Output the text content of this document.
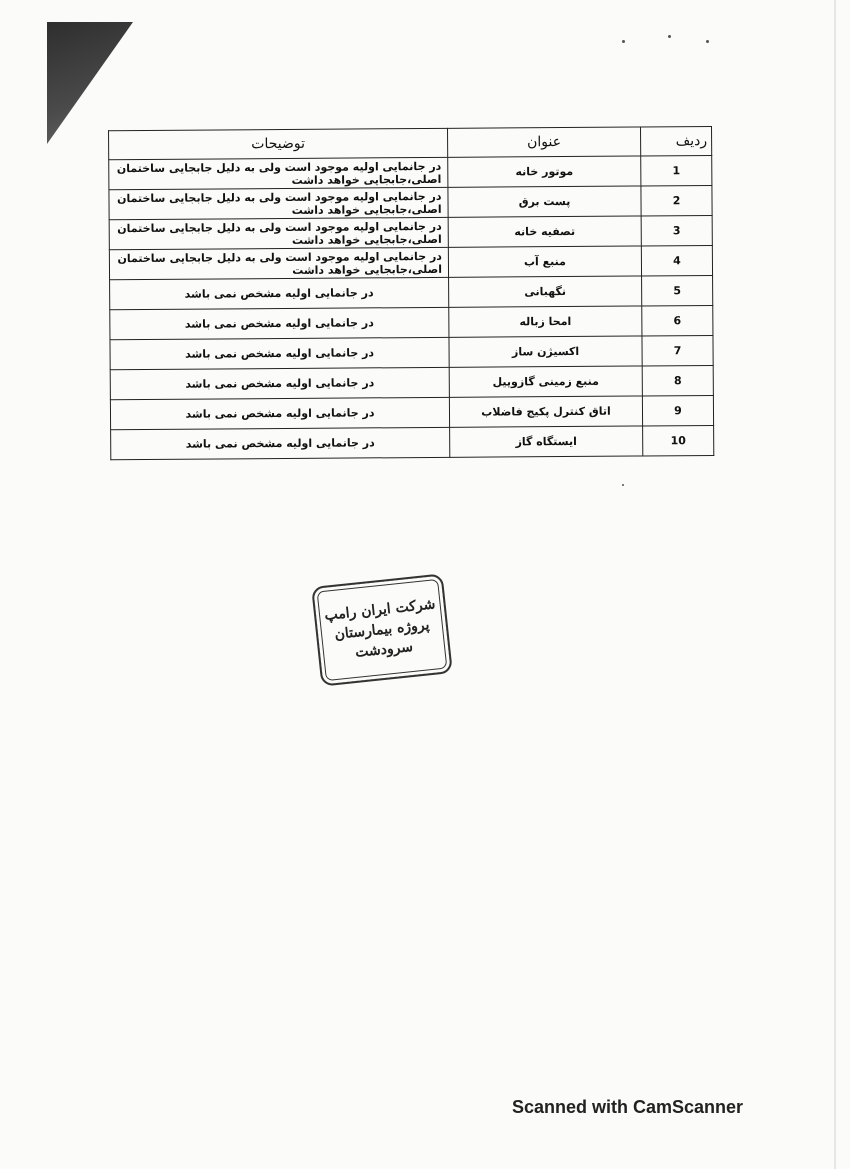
ردیف	عنوان	توضیحات
1	موتور خانه	در جانمایی اولیه موجود است ولی به دلیل جابجایی ساختمان اصلی،جابجایی خواهد داشت
2	پست برق	در جانمایی اولیه موجود است ولی به دلیل جابجایی ساختمان اصلی،جابجایی خواهد داشت
3	تصفیه خانه	در جانمایی اولیه موجود است ولی به دلیل جابجایی ساختمان اصلی،جابجایی خواهد داشت
4	منبع آب	در جانمایی اولیه موجود است ولی به دلیل جابجایی ساختمان اصلی،جابجایی خواهد داشت
5	نگهبانی	در جانمایی اولیه مشخص نمی باشد
6	امحا زباله	در جانمایی اولیه مشخص نمی باشد
7	اکسیژن ساز	در جانمایی اولیه مشخص نمی باشد
8	منبع زمینی گازوییل	در جانمایی اولیه مشخص نمی باشد
9	اتاق کنترل پکیج فاضلاب	در جانمایی اولیه مشخص نمی باشد
10	ایستگاه گاز	در جانمایی اولیه مشخص نمی باشد
شرکت ایران رامپ
پروژه بیمارستان
سرودشت
Scanned with CamScanner
